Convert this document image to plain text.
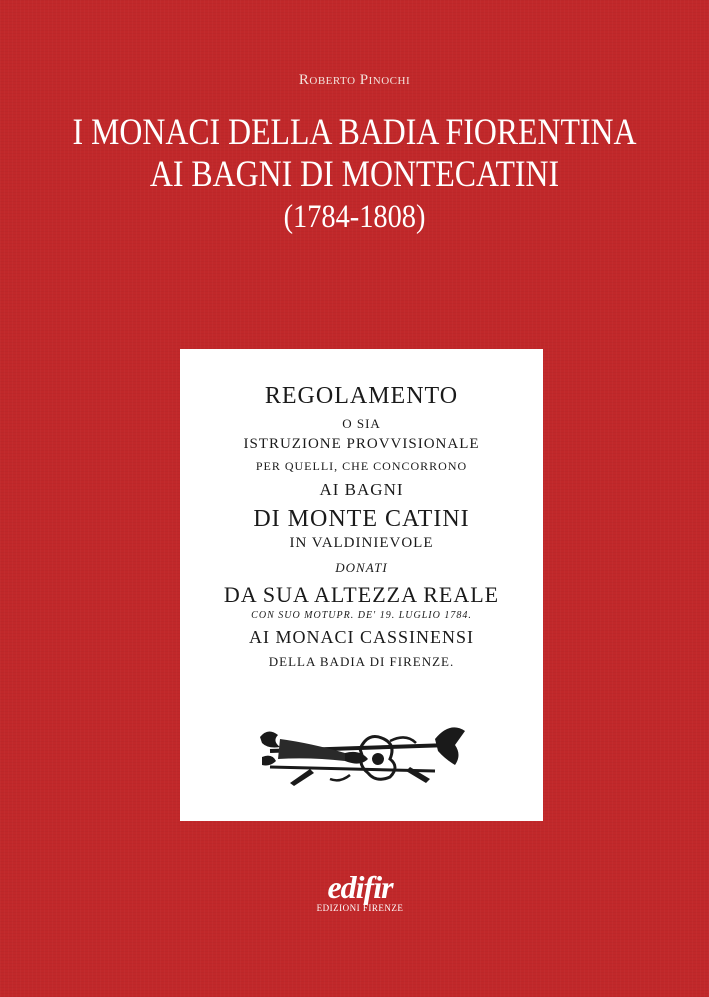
Roberto Pinochi
I MONACI DELLA BADIA FIORENTINA
AI BAGNI DI MONTECATINI
(1784-1808)
REGOLAMENTO
O SIA
ISTRUZIONE PROVVISIONALE
PER QUELLI, CHE CONCORRONO
AI BAGNI
DI MONTE CATINI
IN VALDINIEVOLE
DONATI
DA SUA ALTEZZA REALE
CON SUO MOTUPR. DE' 19. LUGLIO 1784.
AI MONACI CASSINENSI
DELLA BADIA DI FIRENZE.
edifir
EDIZIONI FIRENZE
